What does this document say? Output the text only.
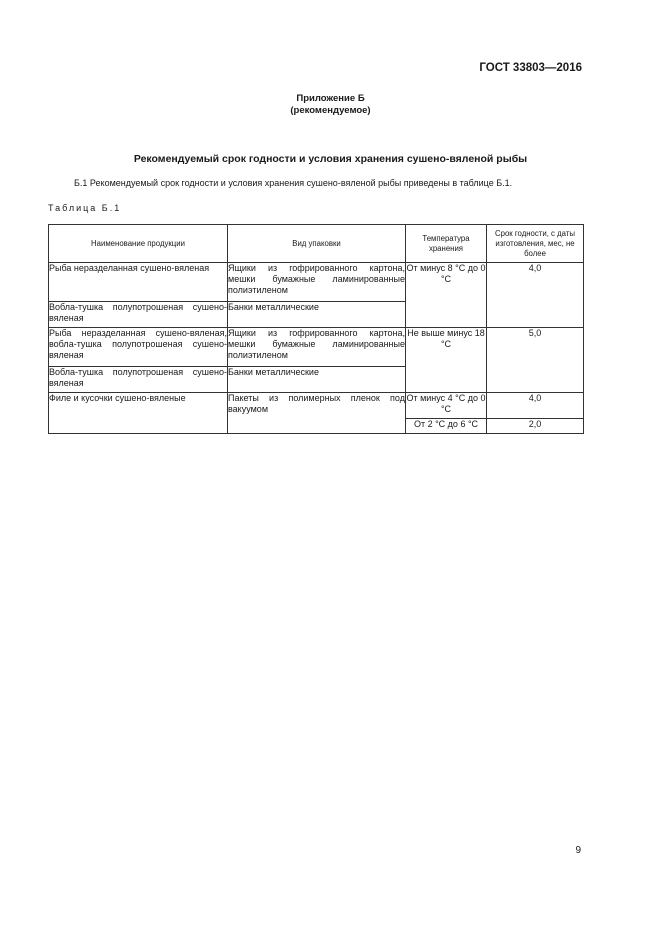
ГОСТ 33803—2016
Приложение Б
(рекомендуемое)
Рекомендуемый срок годности и условия хранения сушено-вяленой рыбы
Б.1 Рекомендуемый срок годности и условия хранения сушено-вяленой рыбы приведены в таблице Б.1.
Таблица Б.1
Наименование продукции	Вид упаковки	Температура хранения	Срок годности, с даты изготовления, мес, не более
Рыба неразделанная сушено-вяленая	Ящики из гофрированного картона, мешки бумажные ламинированные полиэтиленом	От минус 8 °С до 0 °С	4,0
Вобла-тушка полупотрошеная сушено-вяленая	Банки металлические		
Рыба неразделанная сушено-вяленая, вобла-тушка полупотрошеная сушено-вяленая	Ящики из гофрированного картона, мешки бумажные ламинированные полиэтиленом	Не выше минус 18 °С	5,0
Вобла-тушка полупотрошеная сушено-вяленая	Банки металлические		
Филе и кусочки сушено-вяленые	Пакеты из полимерных пленок под вакуумом	От минус 4 °С до 0 °С	4,0
		От 2 °С до 6 °С	2,0
9
